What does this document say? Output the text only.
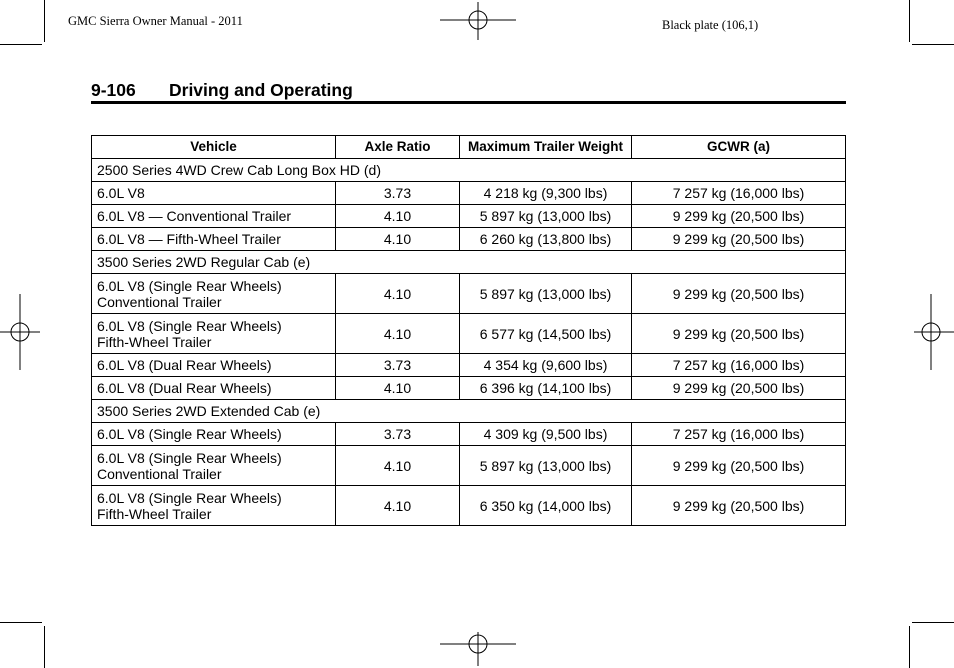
GMC Sierra Owner Manual - 2011	Black plate (106,1)
9-106 Driving and Operating
Vehicle	Axle Ratio	Maximum Trailer Weight	GCWR (a)
2500 Series 4WD Crew Cab Long Box HD (d)			
6.0L V8	3.73	4 218 kg (9,300 lbs)	7 257 kg (16,000 lbs)
6.0L V8 — Conventional Trailer	4.10	5 897 kg (13,000 lbs)	9 299 kg (20,500 lbs)
6.0L V8 — Fifth-Wheel Trailer	4.10	6 260 kg (13,800 lbs)	9 299 kg (20,500 lbs)
3500 Series 2WD Regular Cab (e)			

6.0L V8 (Single Rear Wheels)
Conventional Trailer	4.10	5 897 kg (13,000 lbs)	9 299 kg (20,500 lbs)

6.0L V8 (Single Rear Wheels)
Fifth-Wheel Trailer	4.10	6 577 kg (14,500 lbs)	9 299 kg (20,500 lbs)
6.0L V8 (Dual Rear Wheels)	3.73	4 354 kg (9,600 lbs)	7 257 kg (16,000 lbs)
6.0L V8 (Dual Rear Wheels)	4.10	6 396 kg (14,100 lbs)	9 299 kg (20,500 lbs)
3500 Series 2WD Extended Cab (e)			
6.0L V8 (Single Rear Wheels)	3.73	4 309 kg (9,500 lbs)	7 257 kg (16,000 lbs)

6.0L V8 (Single Rear Wheels)
Conventional Trailer	4.10	5 897 kg (13,000 lbs)	9 299 kg (20,500 lbs)

6.0L V8 (Single Rear Wheels)
Fifth-Wheel Trailer	4.10	6 350 kg (14,000 lbs)	9 299 kg (20,500 lbs)
